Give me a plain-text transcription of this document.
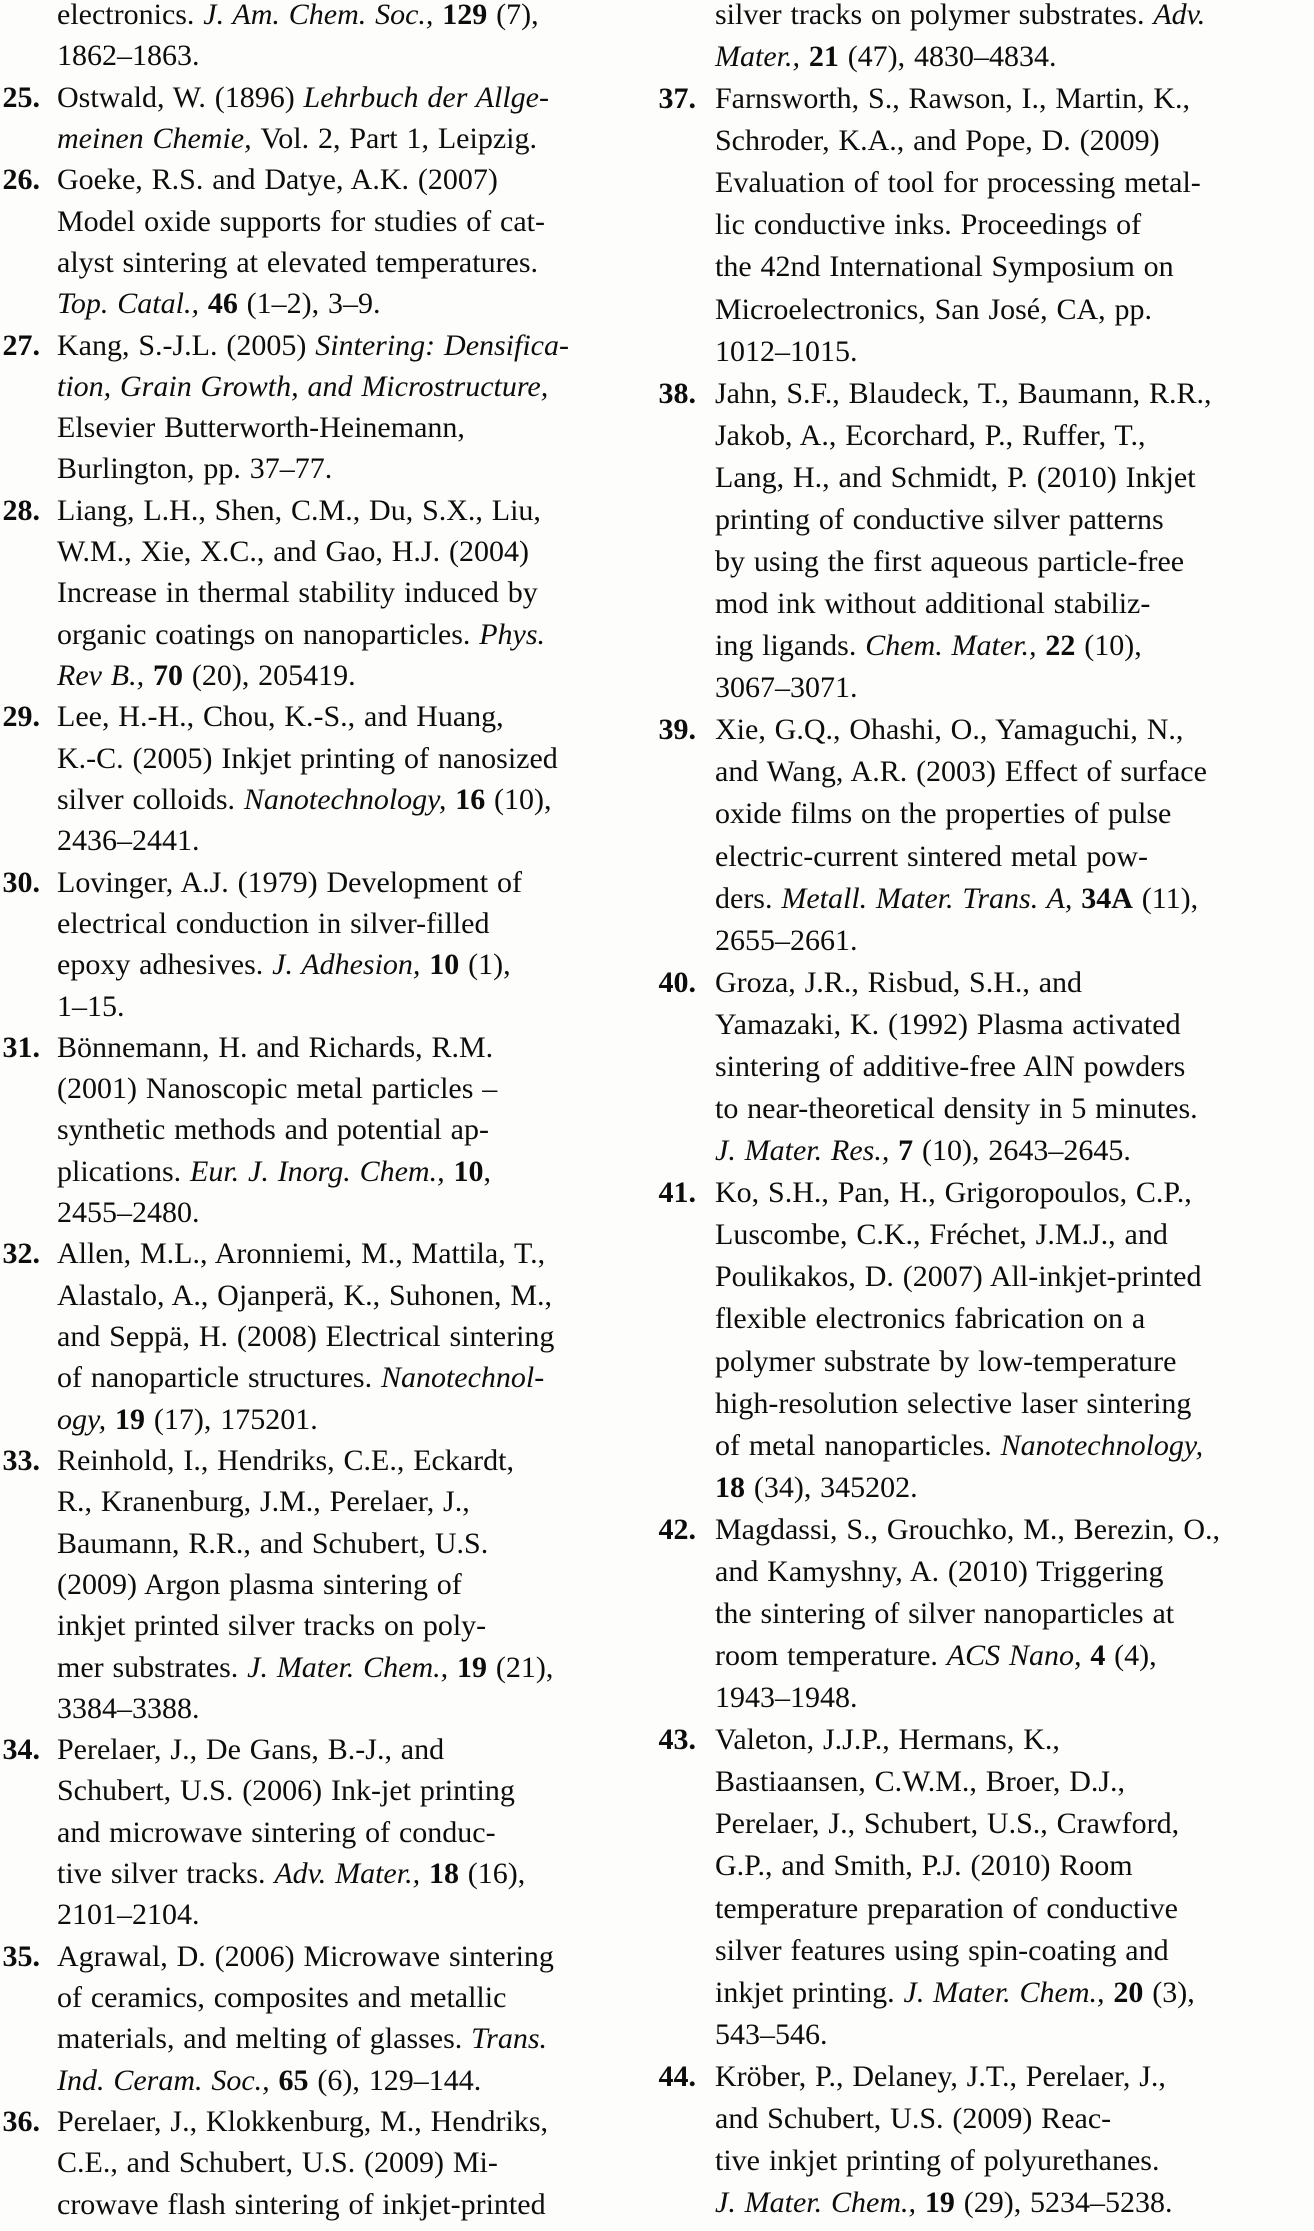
electronics. J. Am. Chem. Soc., 129 (7),
1862–1863.
25. Ostwald, W. (1896) Lehrbuch der Allge-
meinen Chemie, Vol. 2, Part 1, Leipzig.
26. Goeke, R.S. and Datye, A.K. (2007)
Model oxide supports for studies of cat-
alyst sintering at elevated temperatures.
Top. Catal., 46 (1–2), 3–9.
27. Kang, S.-J.L. (2005) Sintering: Densifica-
tion, Grain Growth, and Microstructure,
Elsevier Butterworth-Heinemann,
Burlington, pp. 37–77.
28. Liang, L.H., Shen, C.M., Du, S.X., Liu,
W.M., Xie, X.C., and Gao, H.J. (2004)
Increase in thermal stability induced by
organic coatings on nanoparticles. Phys.
Rev B., 70 (20), 205419.
29. Lee, H.-H., Chou, K.-S., and Huang,
K.-C. (2005) Inkjet printing of nanosized
silver colloids. Nanotechnology, 16 (10),
2436–2441.
30. Lovinger, A.J. (1979) Development of
electrical conduction in silver-filled
epoxy adhesives. J. Adhesion, 10 (1),
1–15.
31. Bönnemann, H. and Richards, R.M.
(2001) Nanoscopic metal particles –
synthetic methods and potential ap-
plications. Eur. J. Inorg. Chem., 10,
2455–2480.
32. Allen, M.L., Aronniemi, M., Mattila, T.,
Alastalo, A., Ojanperä, K., Suhonen, M.,
and Seppä, H. (2008) Electrical sintering
of nanoparticle structures. Nanotechnol-
ogy, 19 (17), 175201.
33. Reinhold, I., Hendriks, C.E., Eckardt,
R., Kranenburg, J.M., Perelaer, J.,
Baumann, R.R., and Schubert, U.S.
(2009) Argon plasma sintering of
inkjet printed silver tracks on poly-
mer substrates. J. Mater. Chem., 19 (21),
3384–3388.
34. Perelaer, J., De Gans, B.-J., and
Schubert, U.S. (2006) Ink-jet printing
and microwave sintering of conduc-
tive silver tracks. Adv. Mater., 18 (16),
2101–2104.
35. Agrawal, D. (2006) Microwave sintering
of ceramics, composites and metallic
materials, and melting of glasses. Trans.
Ind. Ceram. Soc., 65 (6), 129–144.
36. Perelaer, J., Klokkenburg, M., Hendriks,
C.E., and Schubert, U.S. (2009) Mi-
crowave flash sintering of inkjet-printed
silver tracks on polymer substrates. Adv.
Mater., 21 (47), 4830–4834.
37. Farnsworth, S., Rawson, I., Martin, K.,
Schroder, K.A., and Pope, D. (2009)
Evaluation of tool for processing metal-
lic conductive inks. Proceedings of
the 42nd International Symposium on
Microelectronics, San José, CA, pp.
1012–1015.
38. Jahn, S.F., Blaudeck, T., Baumann, R.R.,
Jakob, A., Ecorchard, P., Ruffer, T.,
Lang, H., and Schmidt, P. (2010) Inkjet
printing of conductive silver patterns
by using the first aqueous particle-free
mod ink without additional stabiliz-
ing ligands. Chem. Mater., 22 (10),
3067–3071.
39. Xie, G.Q., Ohashi, O., Yamaguchi, N.,
and Wang, A.R. (2003) Effect of surface
oxide films on the properties of pulse
electric-current sintered metal pow-
ders. Metall. Mater. Trans. A, 34A (11),
2655–2661.
40. Groza, J.R., Risbud, S.H., and
Yamazaki, K. (1992) Plasma activated
sintering of additive-free AlN powders
to near-theoretical density in 5 minutes.
J. Mater. Res., 7 (10), 2643–2645.
41. Ko, S.H., Pan, H., Grigoropoulos, C.P.,
Luscombe, C.K., Fréchet, J.M.J., and
Poulikakos, D. (2007) All-inkjet-printed
flexible electronics fabrication on a
polymer substrate by low-temperature
high-resolution selective laser sintering
of metal nanoparticles. Nanotechnology,
18 (34), 345202.
42. Magdassi, S., Grouchko, M., Berezin, O.,
and Kamyshny, A. (2010) Triggering
the sintering of silver nanoparticles at
room temperature. ACS Nano, 4 (4),
1943–1948.
43. Valeton, J.J.P., Hermans, K.,
Bastiaansen, C.W.M., Broer, D.J.,
Perelaer, J., Schubert, U.S., Crawford,
G.P., and Smith, P.J. (2010) Room
temperature preparation of conductive
silver features using spin-coating and
inkjet printing. J. Mater. Chem., 20 (3),
543–546.
44. Kröber, P., Delaney, J.T., Perelaer, J.,
and Schubert, U.S. (2009) Reac-
tive inkjet printing of polyurethanes.
J. Mater. Chem., 19 (29), 5234–5238.
